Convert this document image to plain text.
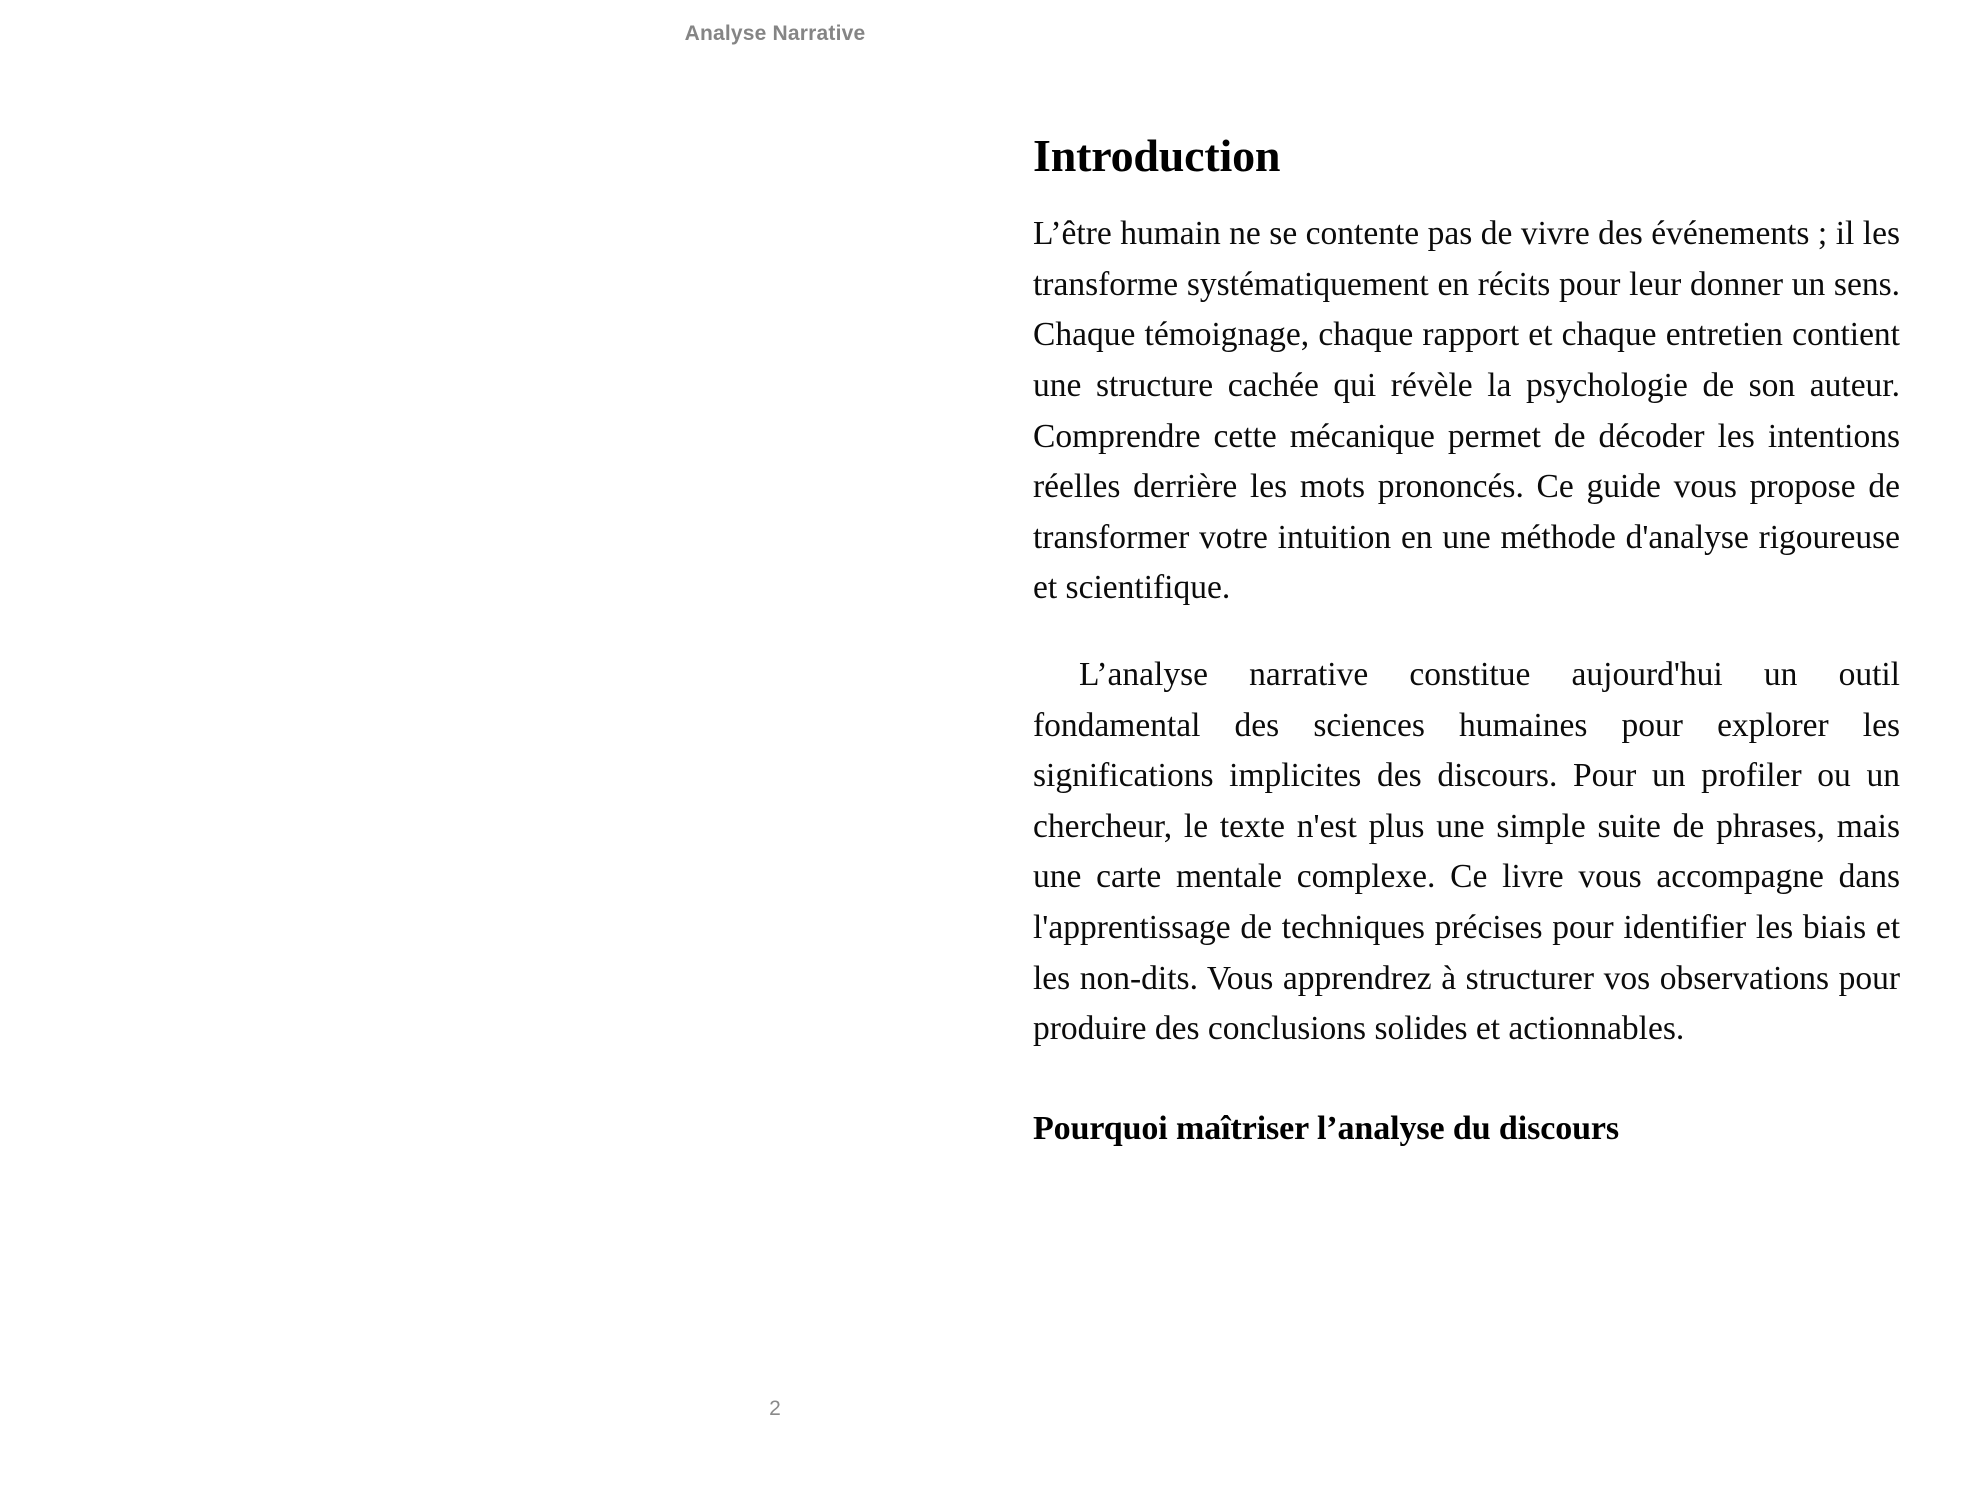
Analyse Narrative
Introduction

L’être humain ne se contente pas de vivre des événements ; il les transforme systématiquement en récits pour leur donner un sens. Chaque témoignage, chaque rapport et chaque entretien contient une structure cachée qui révèle la psychologie de son auteur. Comprendre cette mécanique permet de décoder les intentions réelles derrière les mots prononcés. Ce guide vous propose de transformer votre intuition en une méthode d'analyse rigoureuse et scientifique.

L’analyse narrative constitue aujourd'hui un outil fondamental des sciences humaines pour explorer les significations implicites des discours. Pour un profiler ou un chercheur, le texte n'est plus une simple suite de phrases, mais une carte mentale complexe. Ce livre vous accompagne dans l'apprentissage de techniques précises pour identifier les biais et les non-dits. Vous apprendrez à structurer vos observations pour produire des conclusions solides et actionnables.

Pourquoi maîtriser l’analyse du discours
2
